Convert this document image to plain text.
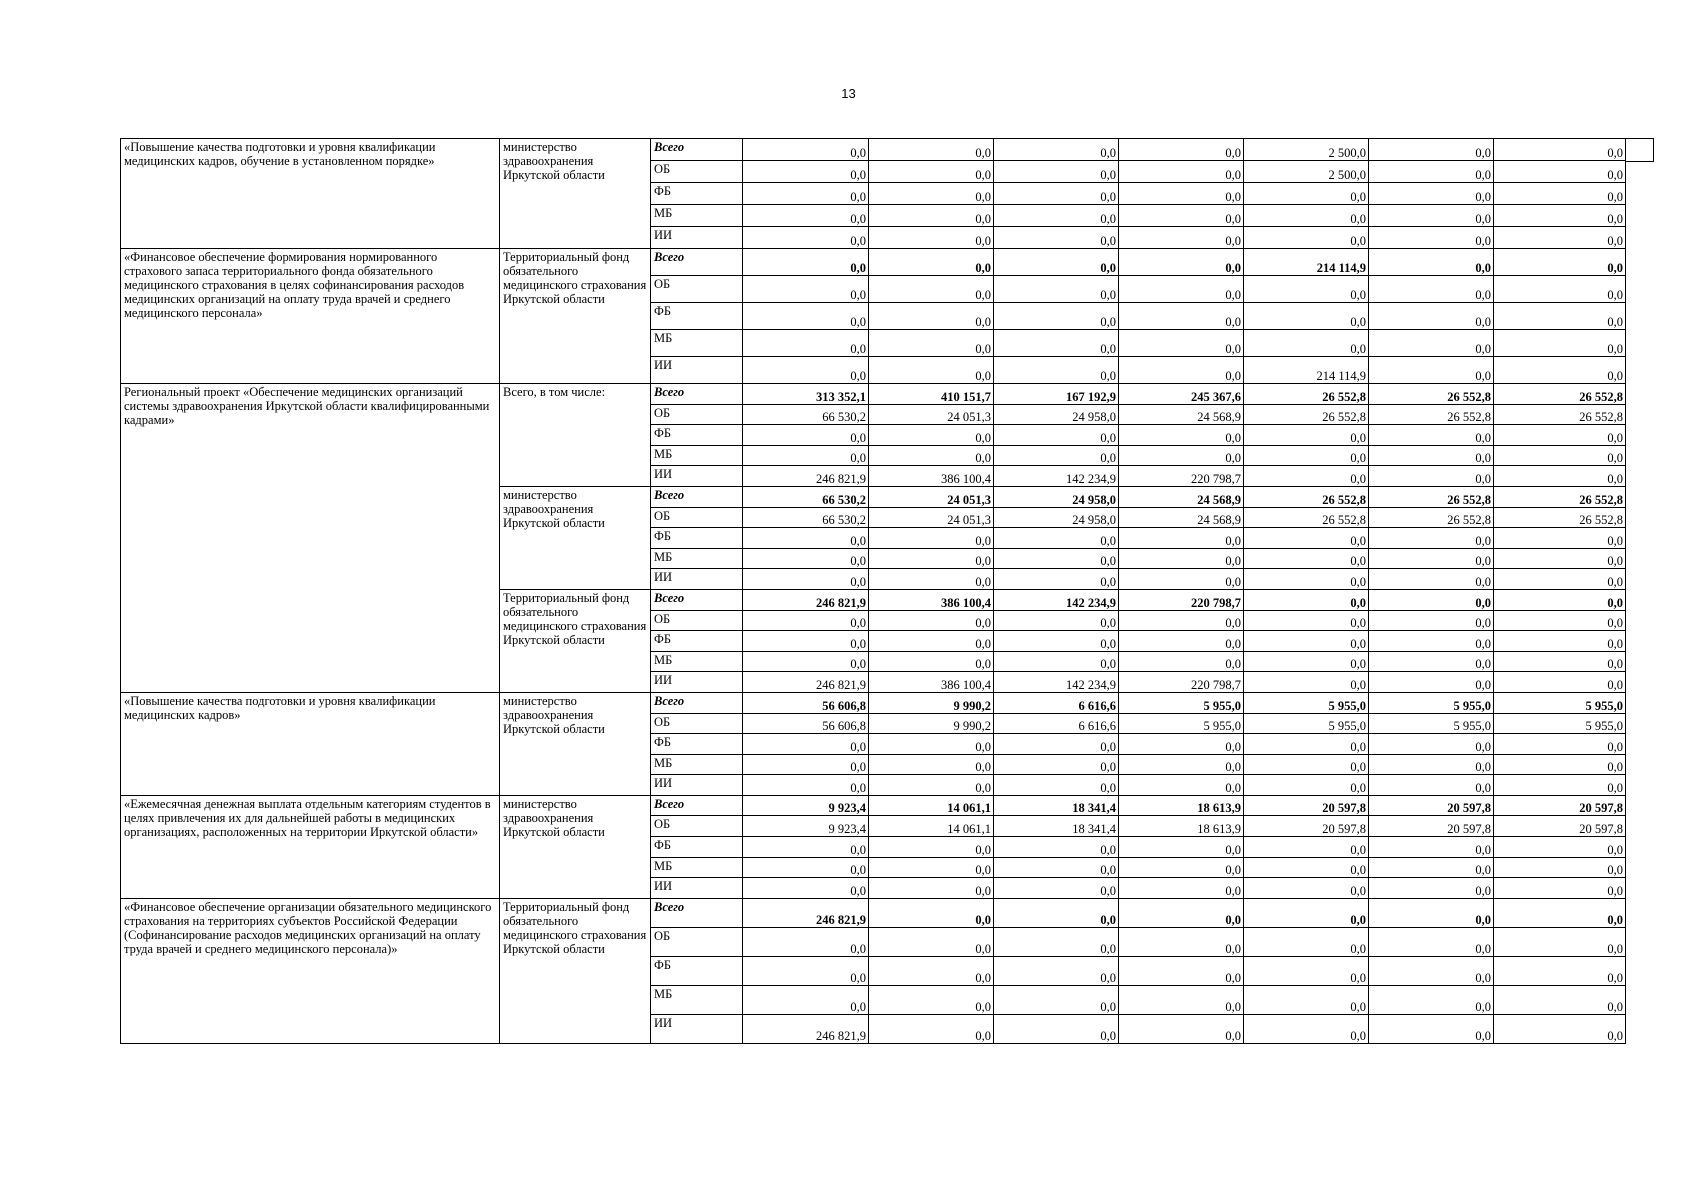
13
«Повышение качества подготовки и уровня квалификации медицинских кадров, обучение в установленном порядке»	министерство здравоохранения Иркутской области	Всего	0,0	0,0	0,0	0,0	2 500,0	0,0	0,0
		ОБ	0,0	0,0	0,0	0,0	2 500,0	0,0	0,0
		ФБ	0,0	0,0	0,0	0,0	0,0	0,0	0,0
		МБ	0,0	0,0	0,0	0,0	0,0	0,0	0,0
		ИИ	0,0	0,0	0,0	0,0	0,0	0,0	0,0
«Финансовое обеспечение формирования нормированного страхового запаса территориального фонда обязательного медицинского страхования в целях софинансирования расходов медицинских организаций на оплату труда врачей и среднего медицинского персонала»	Территориальный фонд обязательного медицинского страхования Иркутской области	Всего	0,0	0,0	0,0	0,0	214 114,9	0,0	0,0
		ОБ	0,0	0,0	0,0	0,0	0,0	0,0	0,0
		ФБ	0,0	0,0	0,0	0,0	0,0	0,0	0,0
		МБ	0,0	0,0	0,0	0,0	0,0	0,0	0,0
		ИИ	0,0	0,0	0,0	0,0	214 114,9	0,0	0,0
Региональный проект «Обеспечение медицинских организаций системы здравоохранения Иркутской области квалифицированными кадрами»	Всего, в том числе:	Всего	313 352,1	410 151,7	167 192,9	245 367,6	26 552,8	26 552,8	26 552,8
		ОБ	66 530,2	24 051,3	24 958,0	24 568,9	26 552,8	26 552,8	26 552,8
		ФБ	0,0	0,0	0,0	0,0	0,0	0,0	0,0
		МБ	0,0	0,0	0,0	0,0	0,0	0,0	0,0
		ИИ	246 821,9	386 100,4	142 234,9	220 798,7	0,0	0,0	0,0
	министерство здравоохранения Иркутской области	Всего	66 530,2	24 051,3	24 958,0	24 568,9	26 552,8	26 552,8	26 552,8
		ОБ	66 530,2	24 051,3	24 958,0	24 568,9	26 552,8	26 552,8	26 552,8
		ФБ	0,0	0,0	0,0	0,0	0,0	0,0	0,0
		МБ	0,0	0,0	0,0	0,0	0,0	0,0	0,0
		ИИ	0,0	0,0	0,0	0,0	0,0	0,0	0,0
	Территориальный фонд обязательного медицинского страхования Иркутской области	Всего	246 821,9	386 100,4	142 234,9	220 798,7	0,0	0,0	0,0
		ОБ	0,0	0,0	0,0	0,0	0,0	0,0	0,0
		ФБ	0,0	0,0	0,0	0,0	0,0	0,0	0,0
		МБ	0,0	0,0	0,0	0,0	0,0	0,0	0,0
		ИИ	246 821,9	386 100,4	142 234,9	220 798,7	0,0	0,0	0,0
«Повышение качества подготовки и уровня квалификации медицинских кадров»	министерство здравоохранения Иркутской области	Всего	56 606,8	9 990,2	6 616,6	5 955,0	5 955,0	5 955,0	5 955,0
		ОБ	56 606,8	9 990,2	6 616,6	5 955,0	5 955,0	5 955,0	5 955,0
		ФБ	0,0	0,0	0,0	0,0	0,0	0,0	0,0
		МБ	0,0	0,0	0,0	0,0	0,0	0,0	0,0
		ИИ	0,0	0,0	0,0	0,0	0,0	0,0	0,0
«Ежемесячная денежная выплата отдельным категориям студентов в целях привлечения их для дальнейшей работы в медицинских организациях, расположенных на территории Иркутской области»	министерство здравоохранения Иркутской области	Всего	9 923,4	14 061,1	18 341,4	18 613,9	20 597,8	20 597,8	20 597,8
		ОБ	9 923,4	14 061,1	18 341,4	18 613,9	20 597,8	20 597,8	20 597,8
		ФБ	0,0	0,0	0,0	0,0	0,0	0,0	0,0
		МБ	0,0	0,0	0,0	0,0	0,0	0,0	0,0
		ИИ	0,0	0,0	0,0	0,0	0,0	0,0	0,0
«Финансовое обеспечение организации обязательного медицинского страхования на территориях субъектов Российской Федерации (Софинансирование расходов медицинских организаций на оплату труда врачей и среднего медицинского персонала)»	Территориальный фонд обязательного медицинского страхования Иркутской области	Всего	246 821,9	0,0	0,0	0,0	0,0	0,0	0,0
		ОБ	0,0	0,0	0,0	0,0	0,0	0,0	0,0
		ФБ	0,0	0,0	0,0	0,0	0,0	0,0	0,0
		МБ	0,0	0,0	0,0	0,0	0,0	0,0	0,0
		ИИ	246 821,9	0,0	0,0	0,0	0,0	0,0	0,0
